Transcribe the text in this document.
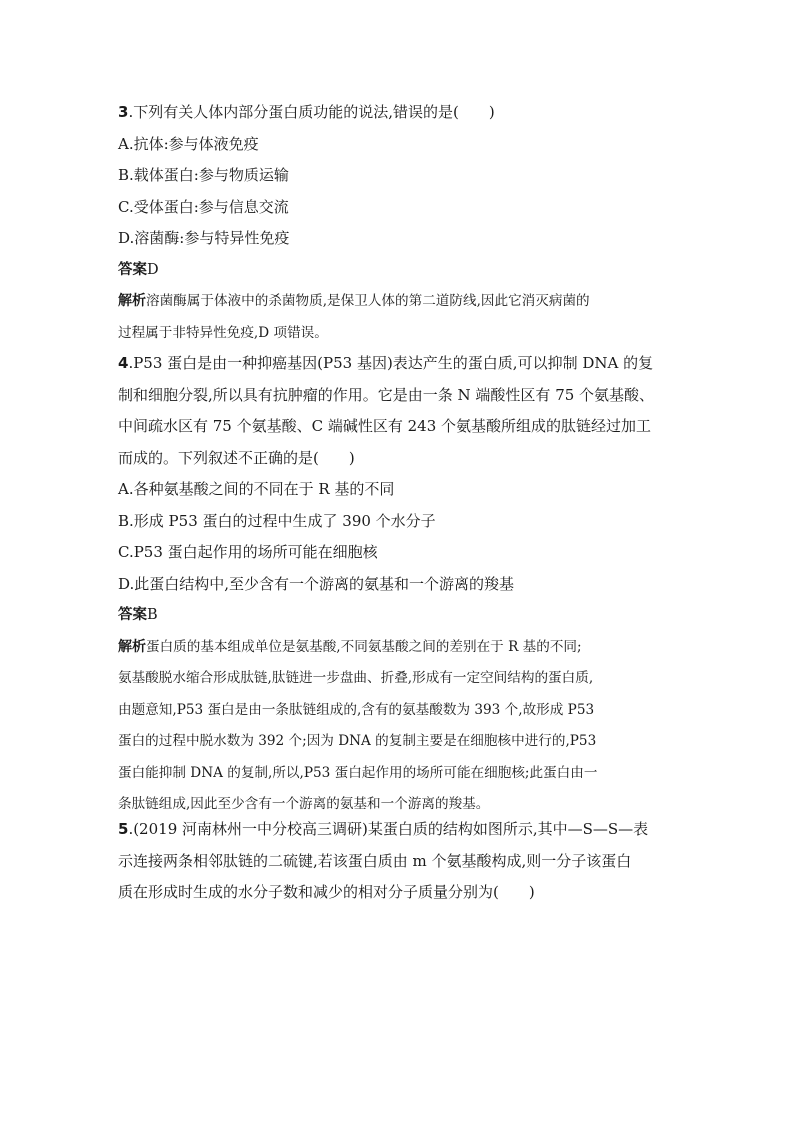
3.下列有关人体内部分蛋白质功能的说法,错误的是(　　)
A.抗体:参与体液免疫
B.载体蛋白:参与物质运输
C.受体蛋白:参与信息交流
D.溶菌酶:参与特异性免疫
答案D
解析溶菌酶属于体液中的杀菌物质,是保卫人体的第二道防线,因此它消灭病菌的
过程属于非特异性免疫,D 项错误。
4.P53 蛋白是由一种抑癌基因(P53 基因)表达产生的蛋白质,可以抑制 DNA 的复
制和细胞分裂,所以具有抗肿瘤的作用。它是由一条 N 端酸性区有 75 个氨基酸、
中间疏水区有 75 个氨基酸、C 端碱性区有 243 个氨基酸所组成的肽链经过加工
而成的。下列叙述不正确的是(　　)
A.各种氨基酸之间的不同在于 R 基的不同
B.形成 P53 蛋白的过程中生成了 390 个水分子
C.P53 蛋白起作用的场所可能在细胞核
D.此蛋白结构中,至少含有一个游离的氨基和一个游离的羧基
答案B
解析蛋白质的基本组成单位是氨基酸,不同氨基酸之间的差别在于 R 基的不同;
氨基酸脱水缩合形成肽链,肽链进一步盘曲、折叠,形成有一定空间结构的蛋白质,
由题意知,P53 蛋白是由一条肽链组成的,含有的氨基酸数为 393 个,故形成 P53
蛋白的过程中脱水数为 392 个;因为 DNA 的复制主要是在细胞核中进行的,P53
蛋白能抑制 DNA 的复制,所以,P53 蛋白起作用的场所可能在细胞核;此蛋白由一
条肽链组成,因此至少含有一个游离的氨基和一个游离的羧基。
5.(2019 河南林州一中分校高三调研)某蛋白质的结构如图所示,其中—S—S—表
示连接两条相邻肽链的二硫键,若该蛋白质由 m 个氨基酸构成,则一分子该蛋白
质在形成时生成的水分子数和减少的相对分子质量分别为(　　)
